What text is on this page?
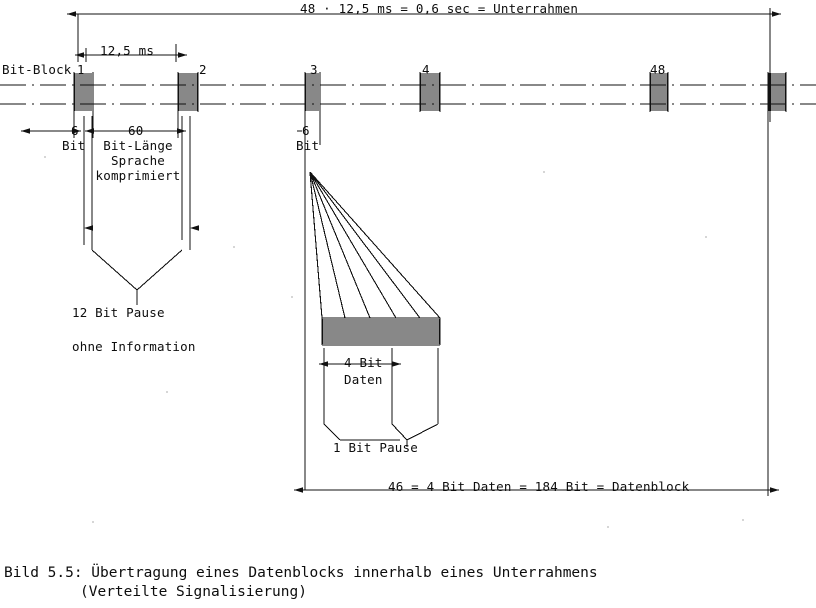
48 · 12,5 ms = 0,6 sec = Unterrahmen
12,5 ms
Bit-Block 1	2	3	4	48
6
Bit
60
Bit-Länge
Sprache
komprimiert
12 Bit Pause
ohne Information
6
Bit
4 Bit
Daten
1 Bit Pause
46 = 4 Bit Daten = 184 Bit = Datenblock
Bild 5.5: Übertragung eines Datenblocks innerhalb eines Unterrahmens
(Verteilte Signalisierung)
